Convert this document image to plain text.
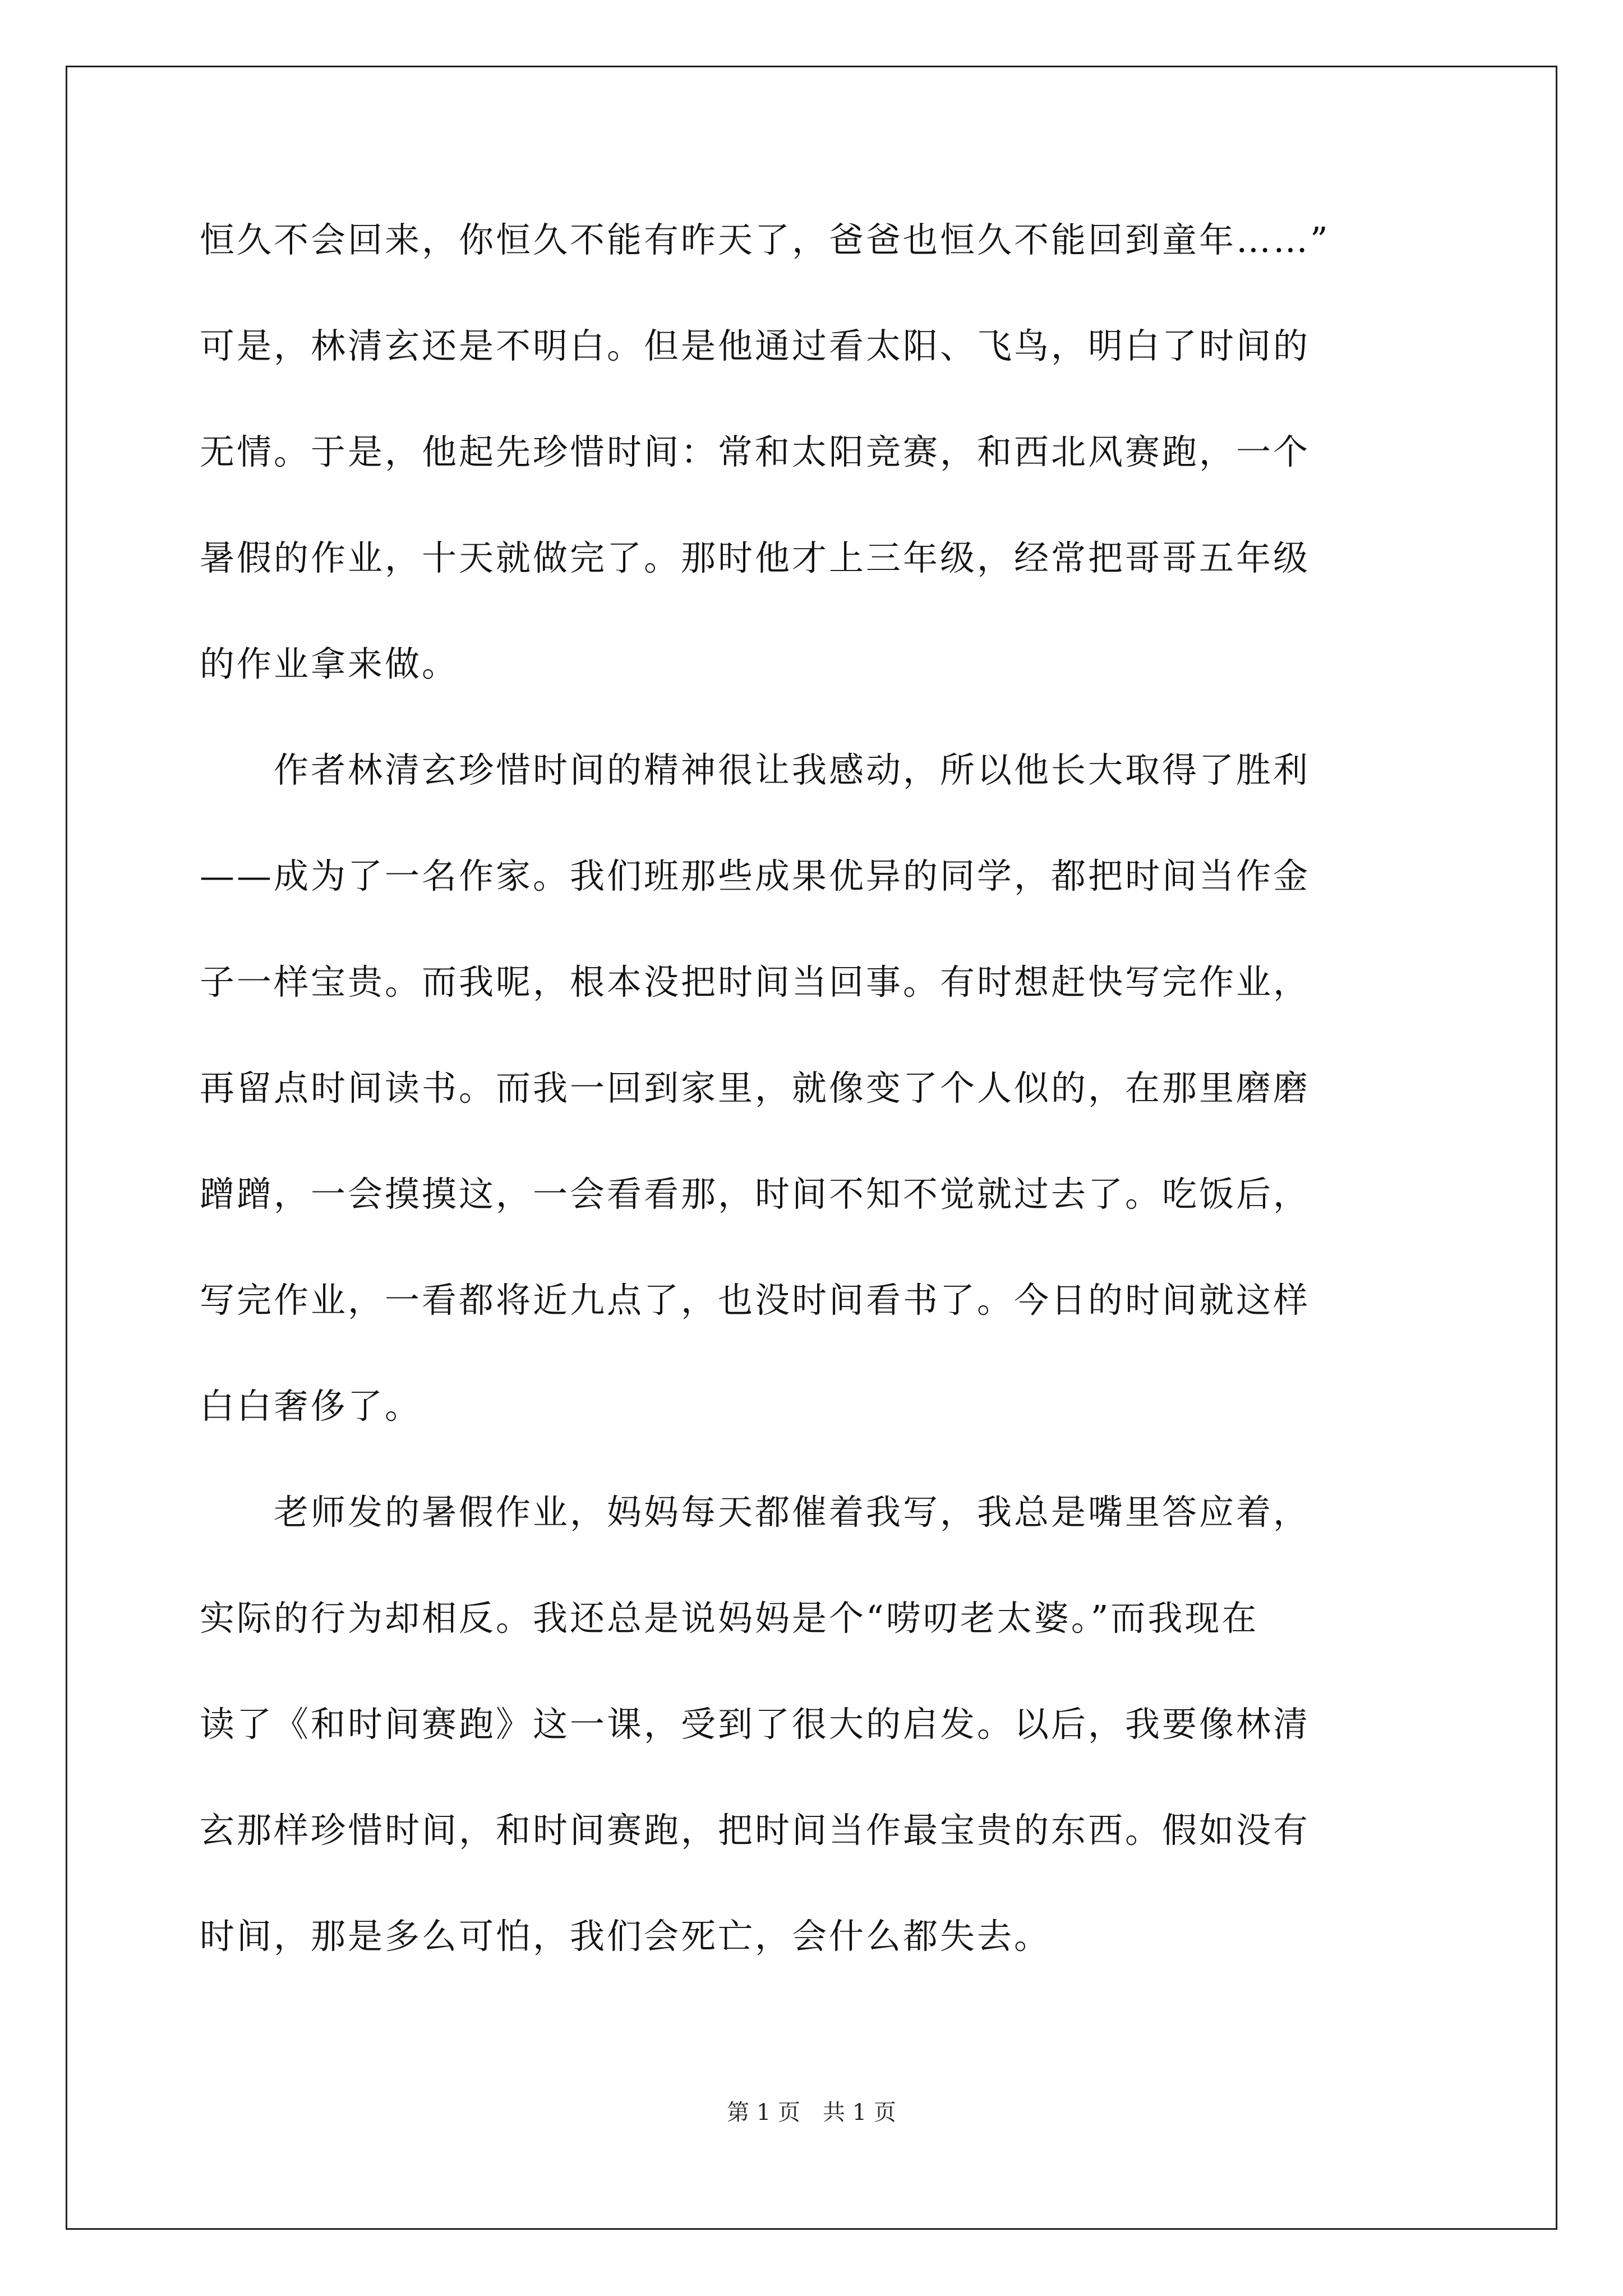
恒久不会回来，你恒久不能有昨天了，爸爸也恒久不能回到童年……”
可是，林清玄还是不明白。但是他通过看太阳、飞鸟，明白了时间的
无情。于是，他起先珍惜时间：常和太阳竞赛，和西北风赛跑，一个
暑假的作业，十天就做完了。那时他才上三年级，经常把哥哥五年级
的作业拿来做。
　　作者林清玄珍惜时间的精神很让我感动，所以他长大取得了胜利
——成为了一名作家。我们班那些成果优异的同学，都把时间当作金
子一样宝贵。而我呢，根本没把时间当回事。有时想赶快写完作业，
再留点时间读书。而我一回到家里，就像变了个人似的，在那里磨磨
蹭蹭，一会摸摸这，一会看看那，时间不知不觉就过去了。吃饭后，
写完作业，一看都将近九点了，也没时间看书了。今日的时间就这样
白白奢侈了。
　　老师发的暑假作业，妈妈每天都催着我写，我总是嘴里答应着，
实际的行为却相反。我还总是说妈妈是个“唠叨老太婆。”而我现在
读了《和时间赛跑》这一课，受到了很大的启发。以后，我要像林清
玄那样珍惜时间，和时间赛跑，把时间当作最宝贵的东西。假如没有
时间，那是多么可怕，我们会死亡，会什么都失去。
第 1 页　共 1 页
